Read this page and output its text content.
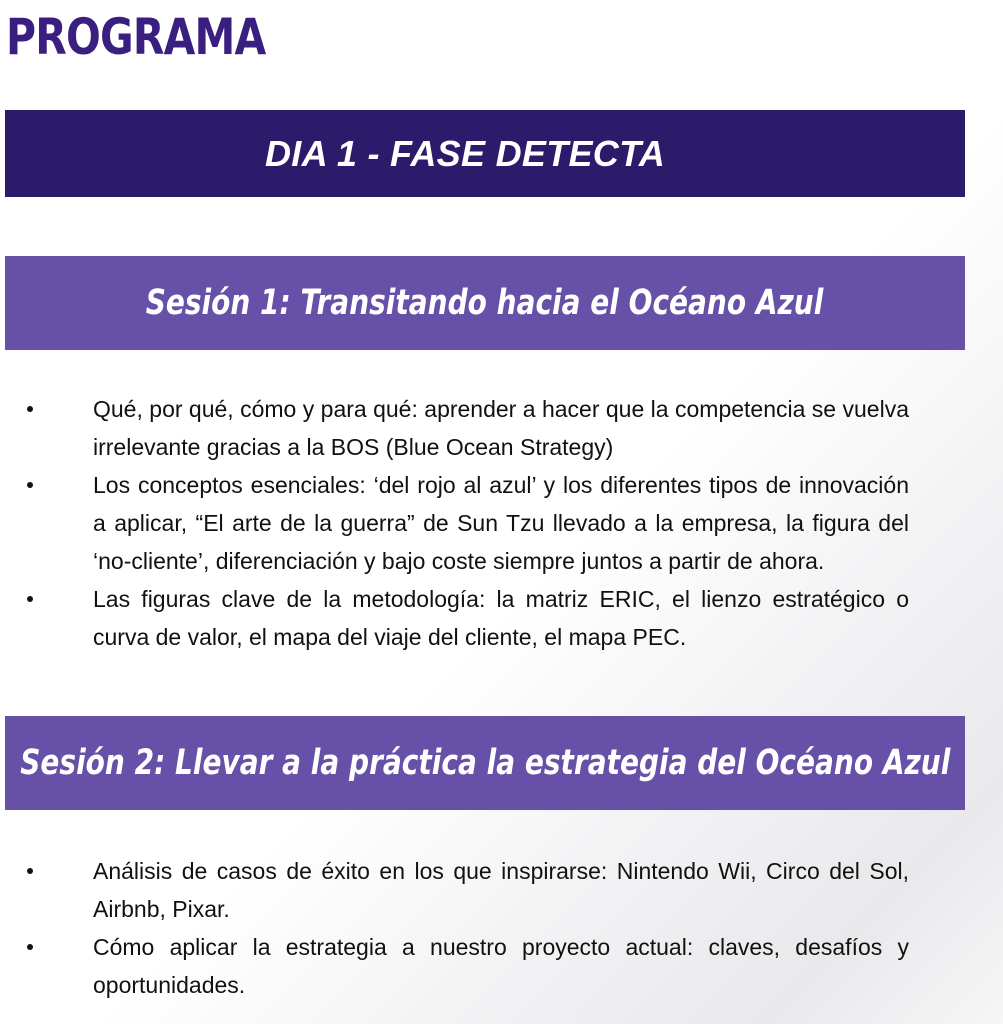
PROGRAMA
DIA 1 - FASE DETECTA
Sesión 1: Transitando hacia el Océano Azul
Qué, por qué, cómo y para qué: aprender a hacer que la competencia se vuelva irrelevante gracias a la BOS (Blue Ocean Strategy)
Los conceptos esenciales: ‘del rojo al azul’ y los diferentes tipos de innovación a aplicar, “El arte de la guerra” de Sun Tzu llevado a la empresa, la figura del ‘no-cliente’, diferenciación y bajo coste siempre juntos a partir de ahora.
Las figuras clave de la metodología: la matriz ERIC, el lienzo estratégico o curva de valor, el mapa del viaje del cliente, el mapa PEC.
Sesión 2: Llevar a la práctica la estrategia del Océano Azul
Análisis de casos de éxito en los que inspirarse: Nintendo Wii, Circo del Sol, Airbnb, Pixar.
Cómo aplicar la estrategia a nuestro proyecto actual: claves, desafíos y oportunidades.
